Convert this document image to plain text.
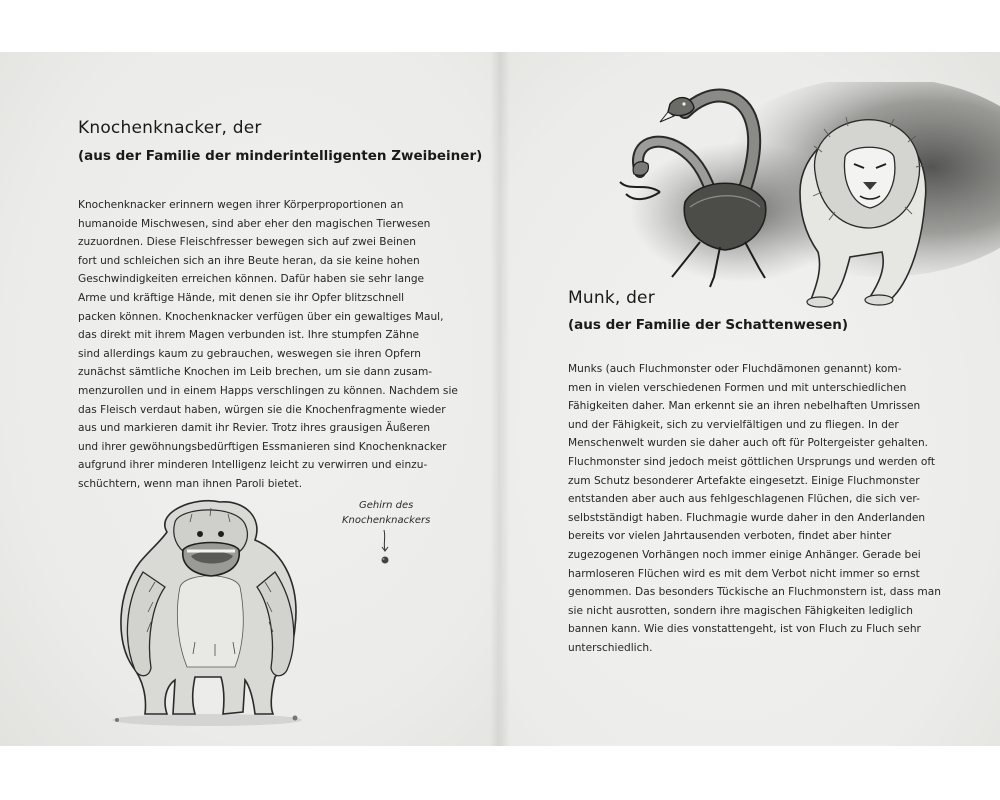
Knochenknacker, der
(aus der Familie der minderintelligenten Zweibeiner)
Knochenknacker erinnern wegen ihrer Körperproportionen an
humanoide Mischwesen, sind aber eher den magischen Tierwesen
zuzuordnen. Diese Fleischfresser bewegen sich auf zwei Beinen
fort und schleichen sich an ihre Beute heran, da sie keine hohen
Geschwindigkeiten erreichen können. Dafür haben sie sehr lange
Arme und kräftige Hände, mit denen sie ihr Opfer blitzschnell
packen können. Knochenknacker verfügen über ein gewaltiges Maul,
das direkt mit ihrem Magen verbunden ist. Ihre stumpfen Zähne
sind allerdings kaum zu gebrauchen, weswegen sie ihren Opfern
zunächst sämtliche Knochen im Leib brechen, um sie dann zusam-
menzurollen und in einem Happs verschlingen zu können. Nachdem sie
das Fleisch verdaut haben, würgen sie die Knochenfragmente wieder
aus und markieren damit ihr Revier. Trotz ihres grausigen Äußeren
und ihrer gewöhnungsbedürftigen Essmanieren sind Knochenknacker
aufgrund ihrer minderen Intelligenz leicht zu verwirren und einzu-
schüchtern, wenn man ihnen Paroli bietet.
Gehirn des
Knochenknackers
Munk, der
(aus der Familie der Schattenwesen)
Munks (auch Fluchmonster oder Fluchdämonen genannt) kom-
men in vielen verschiedenen Formen und mit unterschiedlichen
Fähigkeiten daher. Man erkennt sie an ihren nebelhaften Umrissen
und der Fähigkeit, sich zu vervielfältigen und zu fliegen. In der
Menschenwelt wurden sie daher auch oft für Poltergeister gehalten.
Fluchmonster sind jedoch meist göttlichen Ursprungs und werden oft
zum Schutz besonderer Artefakte eingesetzt. Einige Fluchmonster
entstanden aber auch aus fehlgeschlagenen Flüchen, die sich ver-
selbstständigt haben. Fluchmagie wurde daher in den Anderlanden
bereits vor vielen Jahrtausenden verboten, findet aber hinter
zugezogenen Vorhängen noch immer einige Anhänger. Gerade bei
harmloseren Flüchen wird es mit dem Verbot nicht immer so ernst
genommen. Das besonders Tückische an Fluchmonstern ist, dass man
sie nicht ausrotten, sondern ihre magischen Fähigkeiten lediglich
bannen kann. Wie dies vonstattengeht, ist von Fluch zu Fluch sehr
unterschiedlich.
